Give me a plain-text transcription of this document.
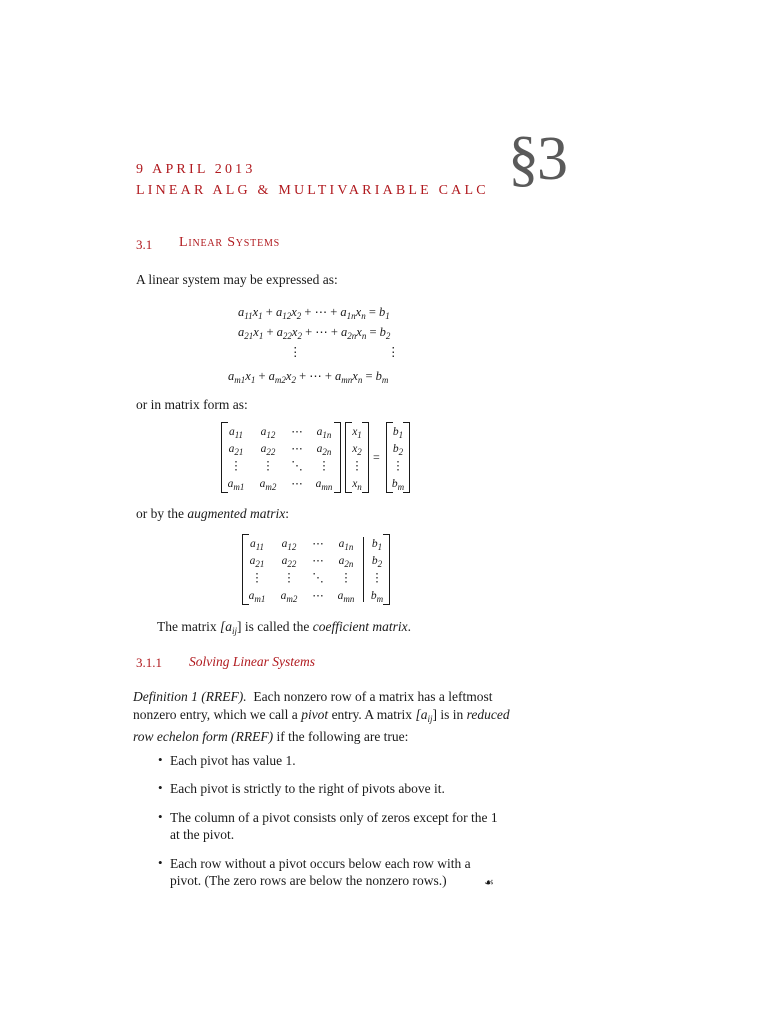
9 APRIL 2013
LINEAR ALG & MULTIVARIABLE CALC §3
3.1 Linear Systems
A linear system may be expressed as:
$a_{11}x_1 + a_{12}x_2$ + ⋯ + $a_{1n}x_n = b_1$
$a_{21}x_1 + a_{22}x_2$ + ⋯ + $a_{2n}x_n = b_2$
⋮	⋮
$a_{m1}x_1 + a_{m2}x_2$ + ⋯ + $a_{mn}x_n = b_m$
or in matrix form as:
$a_{11}$ $a_{12}$ ⋯ $a_{1n}$
$a_{21}$ $a_{22}$ ⋯ $a_{2n}$
⋮ ⋮ ⋱ ⋮
$a_{m1}$ $a_{m2}$ ⋯ $a_{mn}$
$x_1$
$x_2$
⋮
$x_n$
=
$b_1$
$b_2$
⋮
$b_m$
or by the augmented matrix:
$a_{11}$ $a_{12}$ ⋯ $a_{1n}$ $b_1$
$a_{21}$ $a_{22}$ ⋯ $a_{2n}$ $b_2$
⋮ ⋮ ⋱ ⋮ ⋮
$a_{m1}$ $a_{m2}$ ⋯ $a_{mn}$ $b_m$
The matrix $[a_{ij}]$ is called the coefficient matrix.
3.1.1 Solving Linear Systems
Definition 1 (RREF). Each nonzero row of a matrix has a leftmost nonzero entry, which we call a pivot entry. A matrix $[a_{ij}]$ is in reduced row echelon form (RREF) if the following are true:
• Each pivot has value 1.
• Each pivot is strictly to the right of pivots above it.
• The column of a pivot consists only of zeros except for the 1 at the pivot.
• Each row without a pivot occurs below each row with a pivot. (The zero rows are below the nonzero rows.)	☙
